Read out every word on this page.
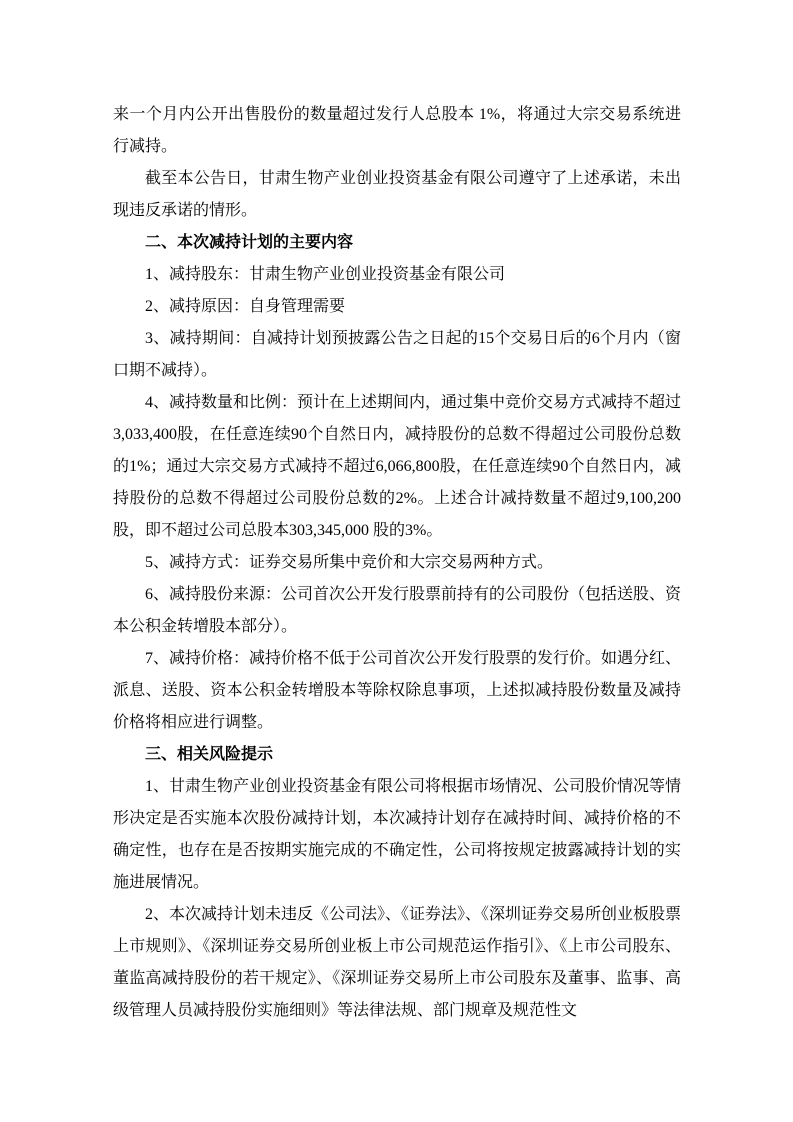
来一个月内公开出售股份的数量超过发行人总股本 1%，将通过大宗交易系统进行减持。

截至本公告日，甘肃生物产业创业投资基金有限公司遵守了上述承诺，未出现违反承诺的情形。

二、本次减持计划的主要内容

1、减持股东：甘肃生物产业创业投资基金有限公司

2、减持原因：自身管理需要

3、减持期间：自减持计划预披露公告之日起的15个交易日后的6个月内（窗口期不减持）。

4、减持数量和比例：预计在上述期间内，通过集中竞价交易方式减持不超过3,033,400股，在任意连续90个自然日内，减持股份的总数不得超过公司股份总数的1%；通过大宗交易方式减持不超过6,066,800股，在任意连续90个自然日内，减持股份的总数不得超过公司股份总数的2%。上述合计减持数量不超过9,100,200股，即不超过公司总股本303,345,000 股的3%。

5、减持方式：证券交易所集中竞价和大宗交易两种方式。

6、减持股份来源：公司首次公开发行股票前持有的公司股份（包括送股、资本公积金转增股本部分）。

7、减持价格：减持价格不低于公司首次公开发行股票的发行价。如遇分红、派息、送股、资本公积金转增股本等除权除息事项，上述拟减持股份数量及减持价格将相应进行调整。

三、相关风险提示

1、甘肃生物产业创业投资基金有限公司将根据市场情况、公司股价情况等情形决定是否实施本次股份减持计划，本次减持计划存在减持时间、减持价格的不确定性，也存在是否按期实施完成的不确定性，公司将按规定披露减持计划的实施进展情况。

2、本次减持计划未违反《公司法》、《证券法》、《深圳证券交易所创业板股票上市规则》、《深圳证券交易所创业板上市公司规范运作指引》、《上市公司股东、董监高减持股份的若干规定》、《深圳证券交易所上市公司股东及董事、监事、高级管理人员减持股份实施细则》等法律法规、部门规章及规范性文
